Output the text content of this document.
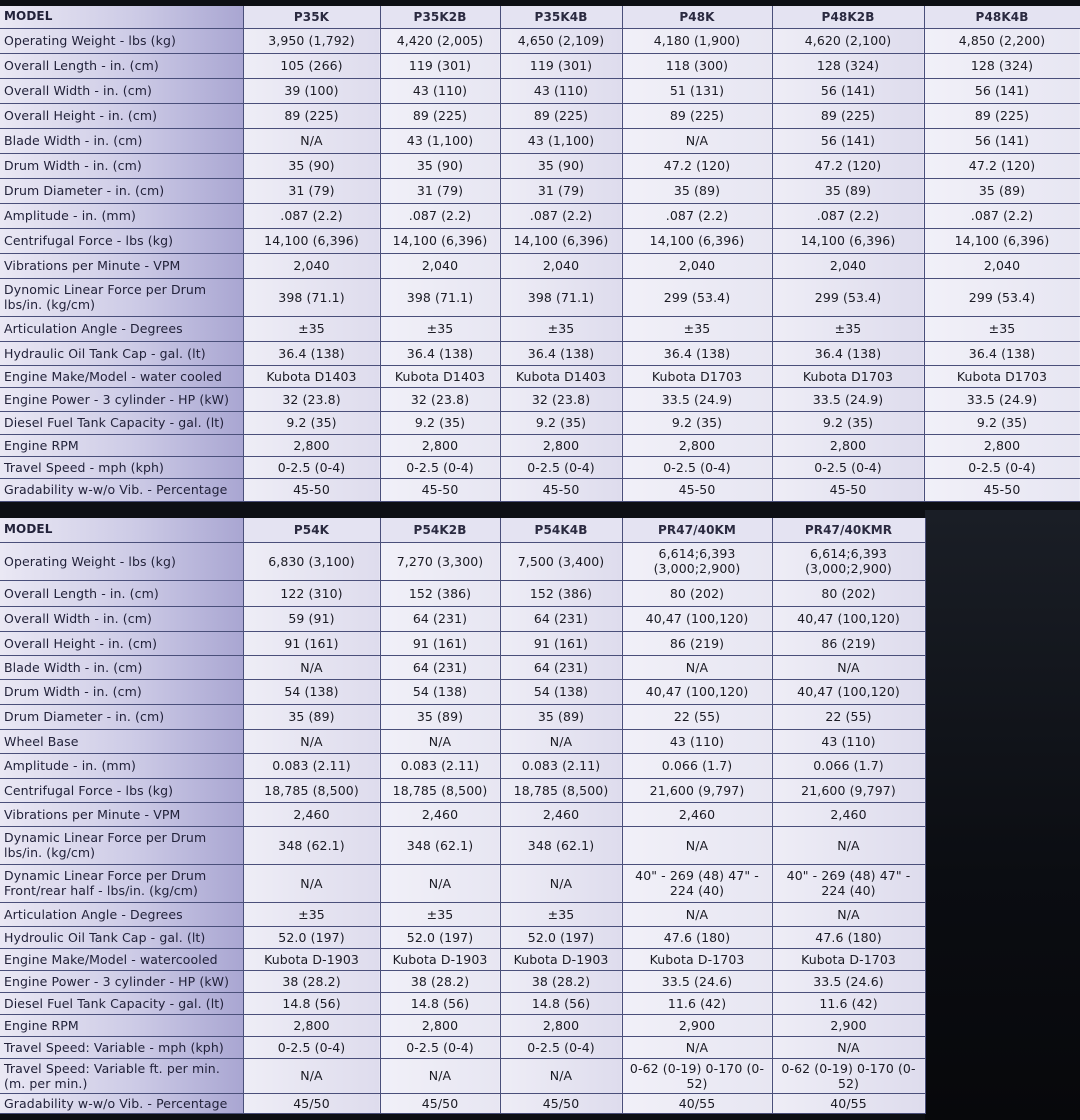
MODEL	P35K	P35K2B	P35K4B	P48K	P48K2B	P48K4B
Operating Weight - lbs (kg)	3,950 (1,792)	4,420 (2,005)	4,650 (2,109)	4,180 (1,900)	4,620 (2,100)	4,850 (2,200)
Overall Length - in. (cm)	105 (266)	119 (301)	119 (301)	118 (300)	128 (324)	128 (324)
Overall Width - in. (cm)	39 (100)	43 (110)	43 (110)	51 (131)	56 (141)	56 (141)
Overall Height - in. (cm)	89 (225)	89 (225)	89 (225)	89 (225)	89 (225)	89 (225)
Blade Width - in. (cm)	N/A	43 (1,100)	43 (1,100)	N/A	56 (141)	56 (141)
Drum Width - in. (cm)	35 (90)	35 (90)	35 (90)	47.2 (120)	47.2 (120)	47.2 (120)
Drum Diameter - in. (cm)	31 (79)	31 (79)	31 (79)	35 (89)	35 (89)	35 (89)
Amplitude - in. (mm)	.087 (2.2)	.087 (2.2)	.087 (2.2)	.087 (2.2)	.087 (2.2)	.087 (2.2)
Centrifugal Force - lbs (kg)	14,100 (6,396)	14,100 (6,396)	14,100 (6,396)	14,100 (6,396)	14,100 (6,396)	14,100 (6,396)
Vibrations per Minute - VPM	2,040	2,040	2,040	2,040	2,040	2,040
Dynomic Linear Force per Drum lbs/in. (kg/cm)	398 (71.1)	398 (71.1)	398 (71.1)	299 (53.4)	299 (53.4)	299 (53.4)
Articulation Angle - Degrees	±35	±35	±35	±35	±35	±35
Hydraulic Oil Tank Cap - gal. (lt)	36.4 (138)	36.4 (138)	36.4 (138)	36.4 (138)	36.4 (138)	36.4 (138)
Engine Make/Model - water cooled	Kubota D1403	Kubota D1403	Kubota D1403	Kubota D1703	Kubota D1703	Kubota D1703
Engine Power - 3 cylinder - HP (kW)	32 (23.8)	32 (23.8)	32 (23.8)	33.5 (24.9)	33.5 (24.9)	33.5 (24.9)
Diesel Fuel Tank Capacity - gal. (lt)	9.2 (35)	9.2 (35)	9.2 (35)	9.2 (35)	9.2 (35)	9.2 (35)
Engine RPM	2,800	2,800	2,800	2,800	2,800	2,800
Travel Speed - mph (kph)	0-2.5 (0-4)	0-2.5 (0-4)	0-2.5 (0-4)	0-2.5 (0-4)	0-2.5 (0-4)	0-2.5 (0-4)
Gradability w-w/o Vib. - Percentage	45-50	45-50	45-50	45-50	45-50	45-50
MODEL	P54K	P54K2B	P54K4B	PR47/40KM	PR47/40KMR
Operating Weight - lbs (kg)	6,830 (3,100)	7,270 (3,300)	7,500 (3,400)	6,614;6,393 (3,000;2,900)	6,614;6,393 (3,000;2,900)
Overall Length - in. (cm)	122 (310)	152 (386)	152 (386)	80 (202)	80 (202)
Overall Width - in. (cm)	59 (91)	64 (231)	64 (231)	40,47 (100,120)	40,47 (100,120)
Overall Height - in. (cm)	91 (161)	91 (161)	91 (161)	86 (219)	86 (219)
Blade Width - in. (cm)	N/A	64 (231)	64 (231)	N/A	N/A
Drum Width - in. (cm)	54 (138)	54 (138)	54 (138)	40,47 (100,120)	40,47 (100,120)
Drum Diameter - in. (cm)	35 (89)	35 (89)	35 (89)	22 (55)	22 (55)
Wheel Base	N/A	N/A	N/A	43 (110)	43 (110)
Amplitude - in. (mm)	0.083 (2.11)	0.083 (2.11)	0.083 (2.11)	0.066 (1.7)	0.066 (1.7)
Centrifugal Force - lbs (kg)	18,785 (8,500)	18,785 (8,500)	18,785 (8,500)	21,600 (9,797)	21,600 (9,797)
Vibrations per Minute - VPM	2,460	2,460	2,460	2,460	2,460
Dynamic Linear Force per Drum lbs/in. (kg/cm)	348 (62.1)	348 (62.1)	348 (62.1)	N/A	N/A
Dynamic Linear Force per Drum Front/rear half - lbs/in. (kg/cm)	N/A	N/A	N/A	40" - 269 (48) 47" - 224 (40)	40" - 269 (48) 47" - 224 (40)
Articulation Angle - Degrees	±35	±35	±35	N/A	N/A
Hydroulic Oil Tank Cap - gal. (lt)	52.0 (197)	52.0 (197)	52.0 (197)	47.6 (180)	47.6 (180)
Engine Make/Model - watercooled	Kubota D-1903	Kubota D-1903	Kubota D-1903	Kubota D-1703	Kubota D-1703
Engine Power - 3 cylinder - HP (kW)	38 (28.2)	38 (28.2)	38 (28.2)	33.5 (24.6)	33.5 (24.6)
Diesel Fuel Tank Capacity - gal. (lt)	14.8 (56)	14.8 (56)	14.8 (56)	11.6 (42)	11.6 (42)
Engine RPM	2,800	2,800	2,800	2,900	2,900
Travel Speed: Variable - mph (kph)	0-2.5 (0-4)	0-2.5 (0-4)	0-2.5 (0-4)	N/A	N/A
Travel Speed: Variable ft. per min. (m. per min.)	N/A	N/A	N/A	0-62 (0-19) 0-170 (0-52)	0-62 (0-19) 0-170 (0-52)
Gradability w-w/o Vib. - Percentage	45/50	45/50	45/50	40/55	40/55
